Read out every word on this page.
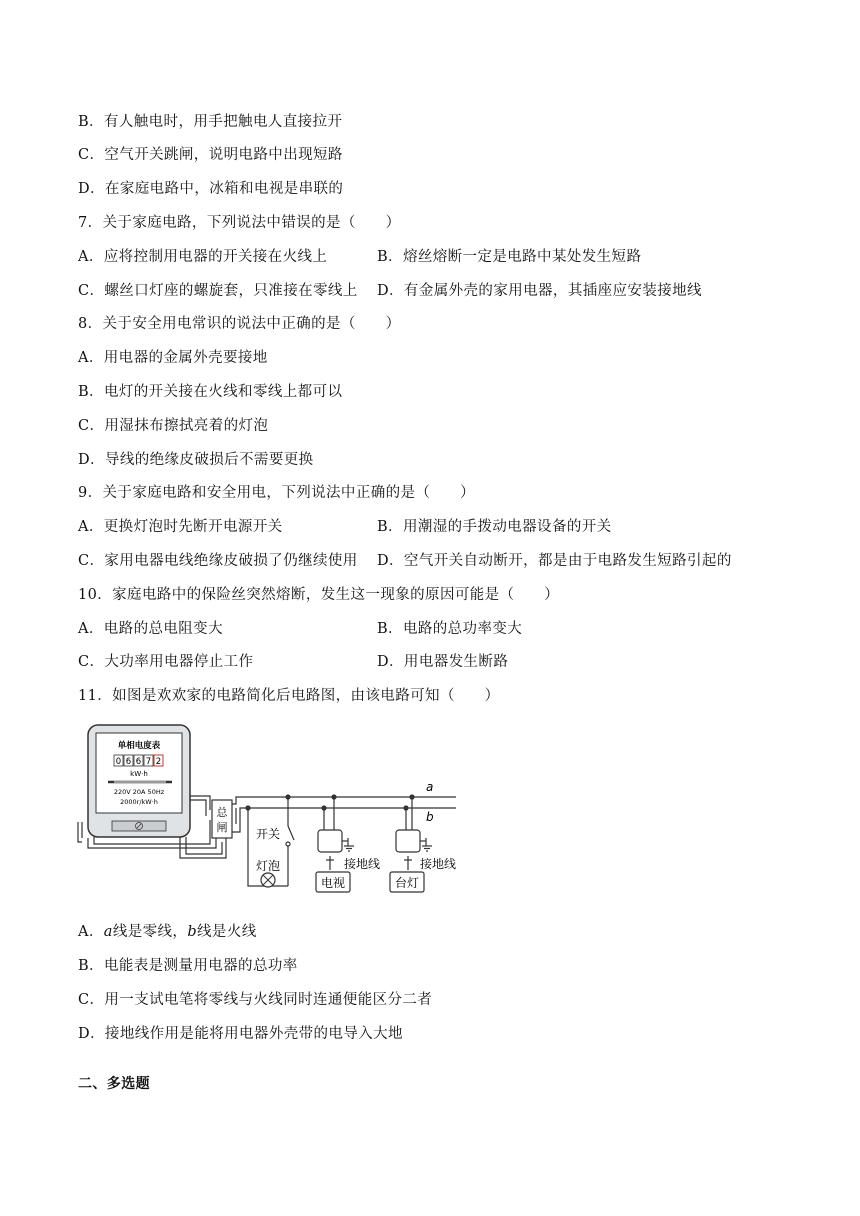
B．有人触电时，用手把触电人直接拉开
C．空气开关跳闸，说明电路中出现短路
D．在家庭电路中，冰箱和电视是串联的
7．关于家庭电路，下列说法中错误的是（　　）
A．应将控制用电器的开关接在火线上	B．熔丝熔断一定是电路中某处发生短路
C．螺丝口灯座的螺旋套，只准接在零线上 D．有金属外壳的家用电器，其插座应安装接地线
8．关于安全用电常识的说法中正确的是（　　）
A．用电器的金属外壳要接地
B．电灯的开关接在火线和零线上都可以
C．用湿抹布擦拭亮着的灯泡
D．导线的绝缘皮破损后不需要更换
9．关于家庭电路和安全用电，下列说法中正确的是（　　）
A．更换灯泡时先断开电源开关	B．用潮湿的手拨动电器设备的开关
C．家用电器电线绝缘皮破损了仍继续使用 D．空气开关自动断开，都是由于电路发生短路引起的
10．家庭电路中的保险丝突然熔断，发生这一现象的原因可能是（　　）
A．电路的总电阻变大	B．电路的总功率变大
C．大功率用电器停止工作	D．用电器发生断路
11．如图是欢欢家的电路简化后电路图，由该电路可知（　　）
单相电度表
0 6 6 7 2
kW·h
220V 20A 50Hz
2000r/kW·h
总
闸
a
b
开关
灯泡	接地线
电视
接地线
台灯
A．a线是零线，b线是火线
B．电能表是测量用电器的总功率
C．用一支试电笔将零线与火线同时连通便能区分二者
D．接地线作用是能将用电器外壳带的电导入大地
二、多选题
